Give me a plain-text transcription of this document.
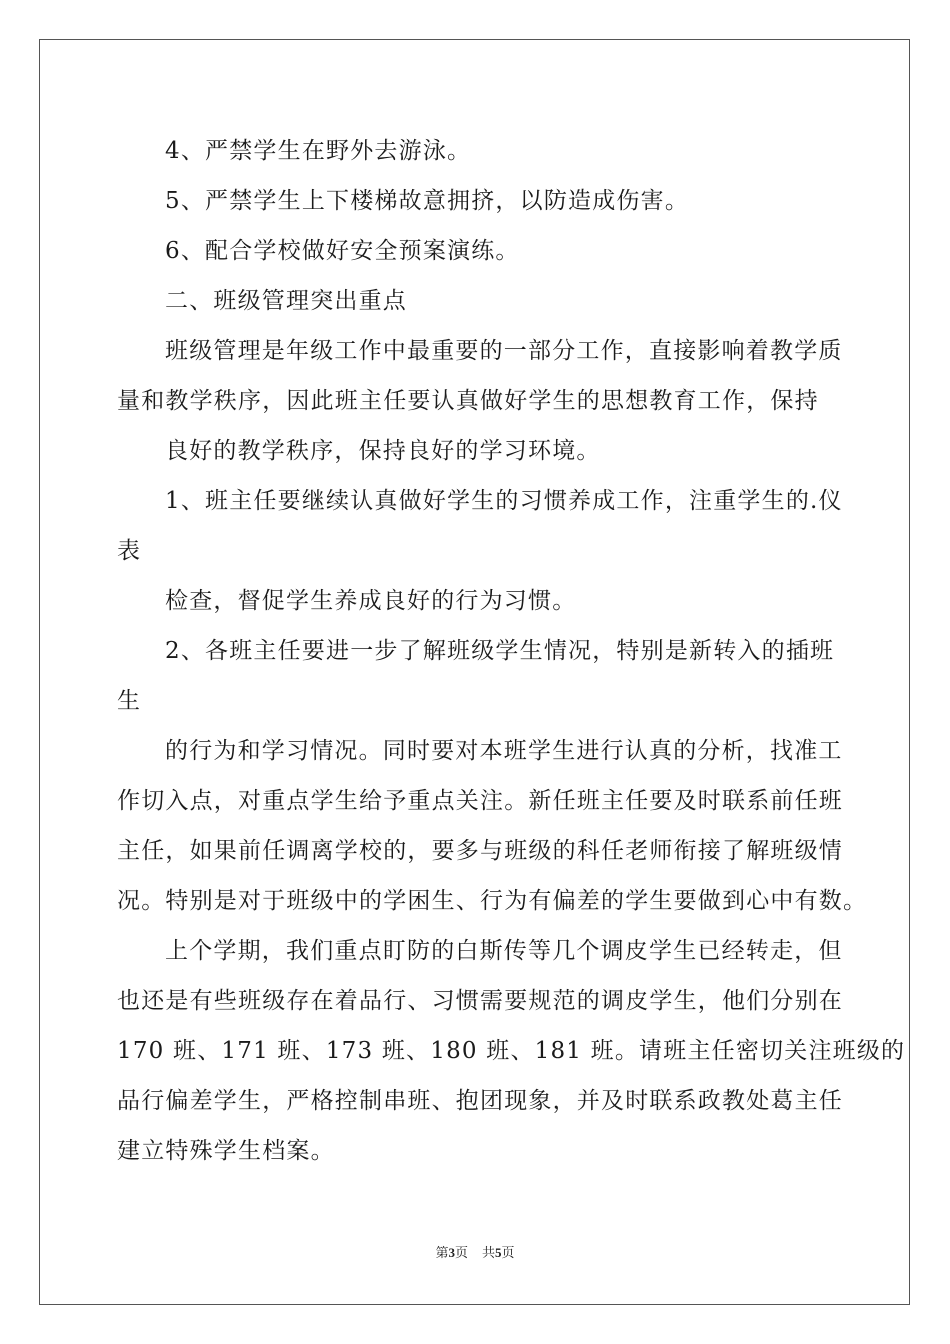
4、严禁学生在野外去游泳。
5、严禁学生上下楼梯故意拥挤，以防造成伤害。
6、配合学校做好安全预案演练。
二、班级管理突出重点
班级管理是年级工作中最重要的一部分工作，直接影响着教学质
量和教学秩序，因此班主任要认真做好学生的思想教育工作，保持
良好的教学秩序，保持良好的学习环境。
1、班主任要继续认真做好学生的习惯养成工作，注重学生的.仪
表
检查，督促学生养成良好的行为习惯。
2、各班主任要进一步了解班级学生情况，特别是新转入的插班
生
的行为和学习情况。同时要对本班学生进行认真的分析，找准工
作切入点，对重点学生给予重点关注。新任班主任要及时联系前任班
主任，如果前任调离学校的，要多与班级的科任老师衔接了解班级情
况。特别是对于班级中的学困生、行为有偏差的学生要做到心中有数。
上个学期，我们重点盯防的白斯传等几个调皮学生已经转走，但
也还是有些班级存在着品行、习惯需要规范的调皮学生，他们分别在
170 班、171 班、173 班、180 班、181 班。请班主任密切关注班级的
品行偏差学生，严格控制串班、抱团现象，并及时联系政教处葛主任
建立特殊学生档案。
第3页 共5页
